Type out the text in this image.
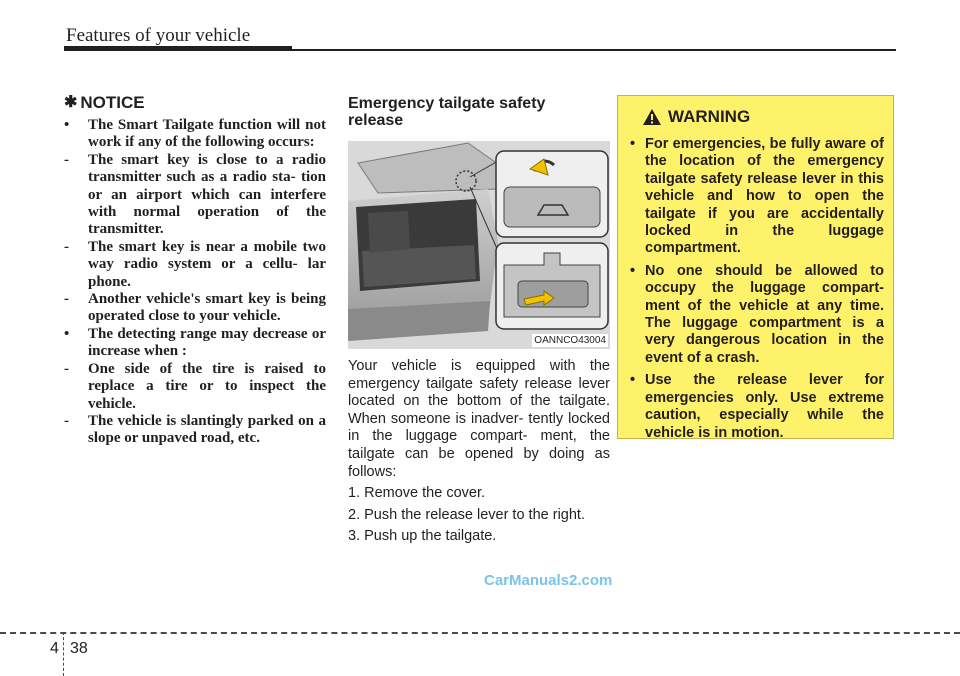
Features of your vehicle
✱ NOTICE
• The Smart Tailgate function will not work if any of the following occurs:
- The smart key is close to a radio transmitter such as a radio sta- tion or an airport which can interfere with normal operation of the transmitter.
- The smart key is near a mobile two way radio system or a cellu- lar phone.
- Another vehicle's smart key is being operated close to your vehicle.
• The detecting range may decrease or increase when :
- One side of the tire is raised to replace a tire or to inspect the vehicle.
- The vehicle is slantingly parked on a slope or unpaved road, etc.
Emergency tailgate safety
release
OANNCO43004
Your vehicle is equipped with the emergency tailgate safety release lever located on the bottom of the tailgate. When someone is inadver- tently locked in the luggage compart- ment, the tailgate can be opened by doing as follows:
1. Remove the cover.
2. Push the release lever to the right.
3. Push up the tailgate.
WARNING
• For emergencies, be fully aware of the location of the emergency tailgate safety release lever in this vehicle and how to open the tailgate if you are accidentally locked in the luggage compartment.
• No one should be allowed to occupy the luggage compart- ment of the vehicle at any time. The luggage compartment is a very dangerous location in the event of a crash.
• Use the release lever for emergencies only. Use extreme caution, especially while the vehicle is in motion.
CarManuals2.com
4 38
